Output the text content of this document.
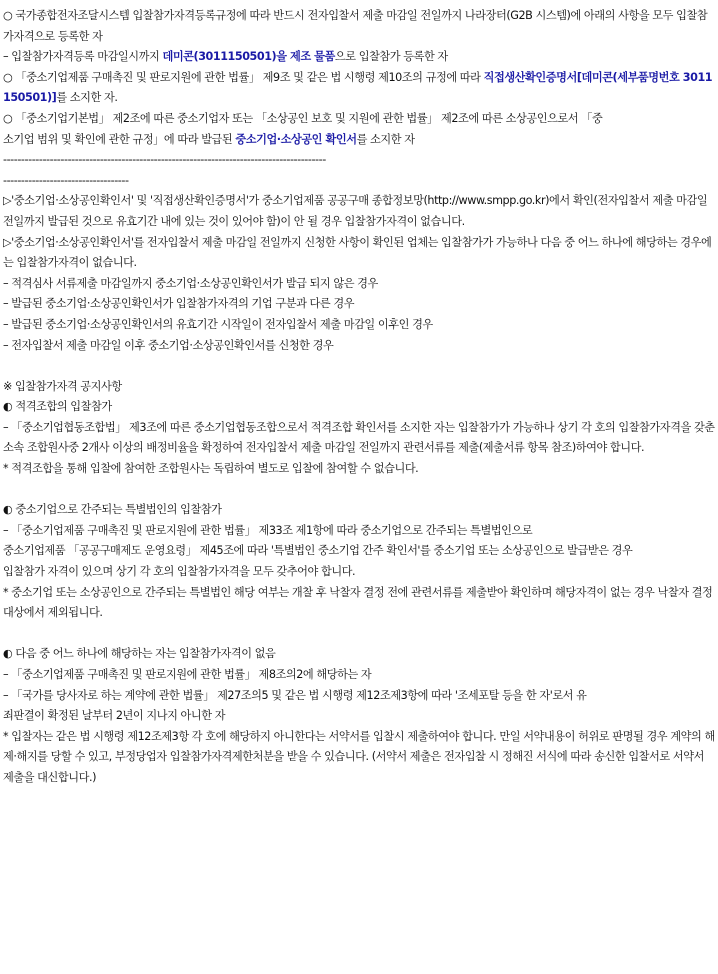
○ 국가종합전자조달시스템 입찰참가자격등록규정에 따라 반드시 전자입찰서 제출 마감일 전일까지 나라장터(G2B 시스템)에 아래의 사항을 모두 입찰참가자격으로 등록한 자
– 입찰참가자격등록 마감일시까지 데미콘(3011150501)을 제조 물품으로 입찰참가 등록한 자
○ 「중소기업제품 구매촉진 및 판로지원에 관한 법률」 제9조 및 같은 법 시행령 제10조의 규정에 따라 직접생산확인증명서[데미콘(세부품명번호 3011150501)]를 소지한 자.
○ 「중소기업기본법」 제2조에 따른 중소기업자 또는 「소상공인 보호 및 지원에 관한 법률」 제2조에 따른 소상공인으로서 「중
소기업 범위 및 확인에 관한 규정」에 따라 발급된 중소기업·소상공인 확인서를 소지한 자
------------------------------------------------------------------------------------------
-----------------------------------
▷'중소기업·소상공인확인서' 및 '직접생산확인증명서'가 중소기업제품 공공구매 종합정보망(http://www.smpp.go.kr)에서 확인(전자입찰서 제출 마감일 전일까지 발급된 것으로 유효기간 내에 있는 것이 있어야 함)이 안 될 경우 입찰참가자격이 없습니다.
▷'중소기업·소상공인확인서'를 전자입찰서 제출 마감일 전일까지 신청한 사항이 확인된 업체는 입찰참가가 가능하나 다음 중 어느 하나에 해당하는 경우에는 입찰참가자격이 없습니다.
– 적격심사 서류제출 마감일까지 중소기업·소상공인확인서가 발급 되지 않은 경우
– 발급된 중소기업·소상공인확인서가 입찰참가자격의 기업 구분과 다른 경우
– 발급된 중소기업·소상공인확인서의 유효기간 시작일이 전자입찰서 제출 마감일 이후인 경우
– 전자입찰서 제출 마감일 이후 중소기업·소상공인확인서를 신청한 경우
※ 입찰참가자격 공지사항
◐ 적격조합의 입찰참가
– 「중소기업협동조합법」 제3조에 따른 중소기업협동조합으로서 적격조합 확인서를 소지한 자는 입찰참가가 가능하나 상기 각 호의 입찰참가자격을 갖춘 소속 조합원사중 2개사 이상의 배정비율을 확정하여 전자입찰서 제출 마감일 전일까지 관련서류를 제출(제출서류 항목 참조)하여야 합니다.
* 적격조합을 통해 입찰에 참여한 조합원사는 독립하여 별도로 입찰에 참여할 수 없습니다.
◐ 중소기업으로 간주되는 특별법인의 입찰참가
– 「중소기업제품 구매촉진 및 판로지원에 관한 법률」 제33조 제1항에 따라 중소기업으로 간주되는 특별법인으로
중소기업제품 「공공구매제도 운영요령」 제45조에 따라 '특별법인 중소기업 간주 확인서'를 중소기업 또는 소상공인으로 발급받은 경우
입찰참가 자격이 있으며 상기 각 호의 입찰참가자격을 모두 갖추어야 합니다.
* 중소기업 또는 소상공인으로 간주되는 특별법인 해당 여부는 개찰 후 낙찰자 결정 전에 관련서류를 제출받아 확인하며 해당자격이 없는 경우 낙찰자 결정 대상에서 제외됩니다.
◐ 다음 중 어느 하나에 해당하는 자는 입찰참가자격이 없음
– 「중소기업제품 구매촉진 및 판로지원에 관한 법률」 제8조의2에 해당하는 자
– 「국가를 당사자로 하는 계약에 관한 법률」 제27조의5 및 같은 법 시행령 제12조제3항에 따라 '조세포탈 등을 한 자'로서 유
죄판결이 확정된 날부터 2년이 지나지 아니한 자
* 입찰자는 같은 법 시행령 제12조제3항 각 호에 해당하지 아니한다는 서약서를 입찰시 제출하여야 합니다. 만일 서약내용이 허위로 판명될 경우 계약의 해제·해지를 당할 수 있고, 부정당업자 입찰참가자격제한처분을 받을 수 있습니다. (서약서 제출은 전자입찰 시 정해진 서식에 따라 송신한 입찰서로 서약서 제출을 대신합니다.)
